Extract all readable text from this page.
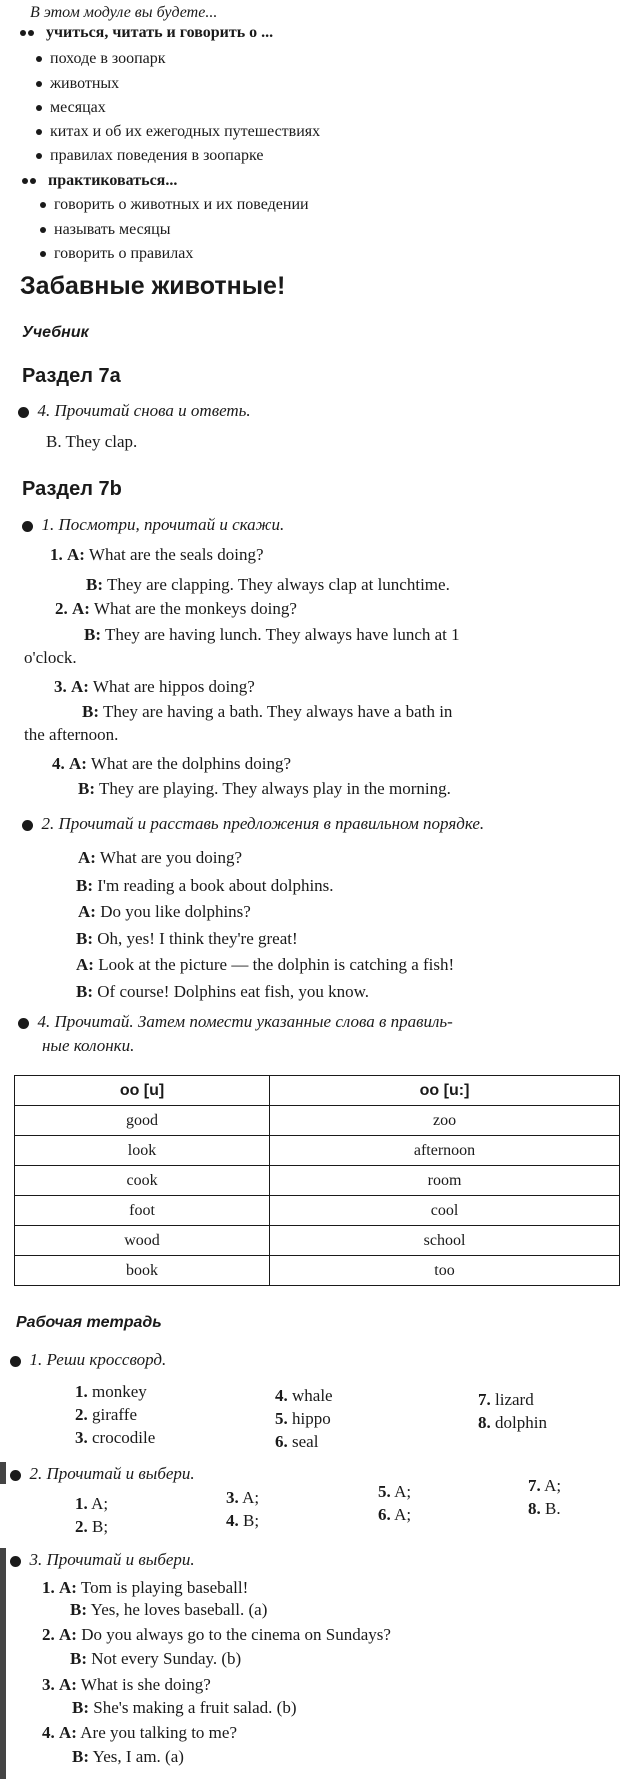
В этом модуле вы будете...
учиться, читать и говорить о ...
походе в зоопарк
животных
месяцах
китах и об их ежегодных путешествиях
правилах поведения в зоопарке
практиковаться...
говорить о животных и их поведении
называть месяцы
говорить о правилах
Забавные животные!
Учебник
Раздел 7a
4. Прочитай снова и ответь.
B. They clap.
Раздел 7b
1. Посмотри, прочитай и скажи.
1. A: What are the seals doing?
B: They are clapping. They always clap at lunchtime.
2. A: What are the monkeys doing?
B: They are having lunch. They always have lunch at 1
o'clock.
3. A: What are hippos doing?
B: They are having a bath. They always have a bath in
the afternoon.
4. A: What are the dolphins doing?
B: They are playing. They always play in the morning.
2. Прочитай и расставь предложения в правильном порядке.
A: What are you doing?
B: I'm reading a book about dolphins.
A: Do you like dolphins?
B: Oh, yes! I think they're great!
A: Look at the picture — the dolphin is catching a fish!
B: Of course! Dolphins eat fish, you know.
4. Прочитай. Затем помести указанные слова в правиль-
ные колонки.
oo [u]	oo [u:]
good	zoo
look	afternoon
cook	room
foot	cool
wood	school
book	too
Рабочая тетрадь
1. Реши кроссворд.
1. monkey
2. giraffe
3. crocodile
4. whale
5. hippo
6. seal
7. lizard
8. dolphin
2. Прочитай и выбери.
1. A;
2. B;
3. A;
4. B;
5. A;
6. A;
7. A;
8. B.
3. Прочитай и выбери.
1. A: Tom is playing baseball!
B: Yes, he loves baseball. (a)
2. A: Do you always go to the cinema on Sundays?
B: Not every Sunday. (b)
3. A: What is she doing?
B: She's making a fruit salad. (b)
4. A: Are you talking to me?
B: Yes, I am. (a)
